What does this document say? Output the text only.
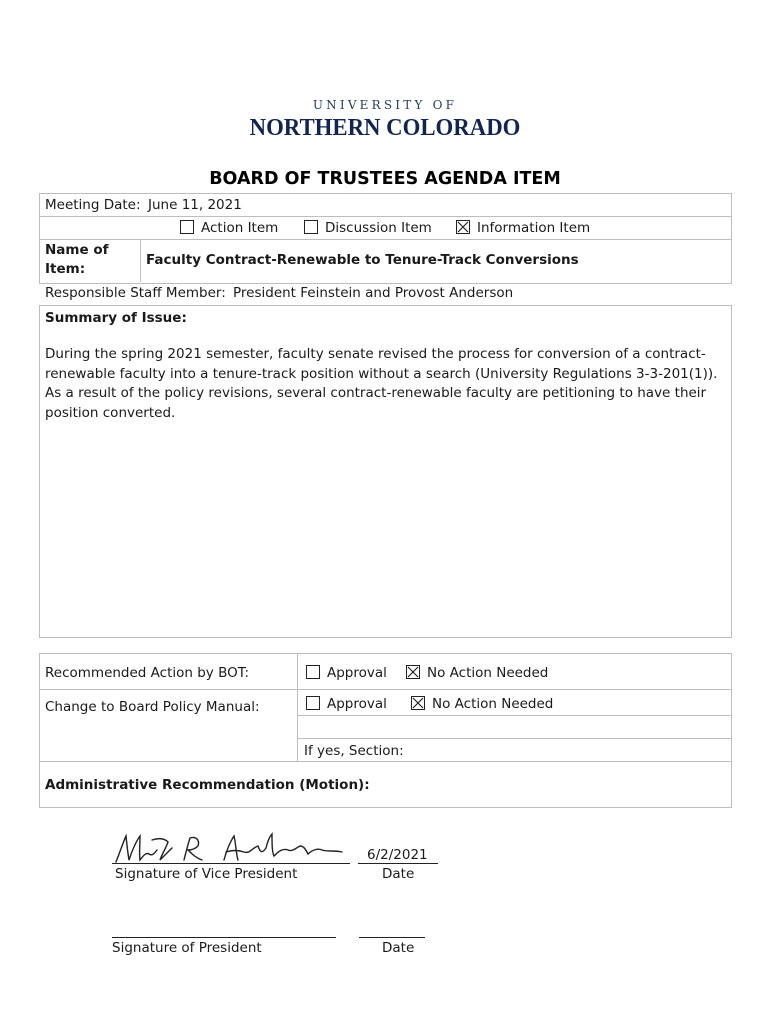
UNIVERSITY OF
NORTHERN COLORADO
BOARD OF TRUSTEES AGENDA ITEM
Meeting Date: June 11, 2021
Action Item	Discussion Item	Information Item
Name of
Item:
Faculty Contract-Renewable to Tenure-Track Conversions
Responsible Staff Member: President Feinstein and Provost Anderson
Summary of Issue:
During the spring 2021 semester, faculty senate revised the process for conversion of a contract-
renewable faculty into a tenure-track position without a search (University Regulations 3-3-201(1)).
As a result of the policy revisions, several contract-renewable faculty are petitioning to have their
position converted.
Recommended Action by BOT:	Approval	No Action Needed
Change to Board Policy Manual:	Approval	No Action Needed
If yes, Section:
Administrative Recommendation (Motion):
6/2/2021
Signature of Vice President	Date
Signature of President	Date
